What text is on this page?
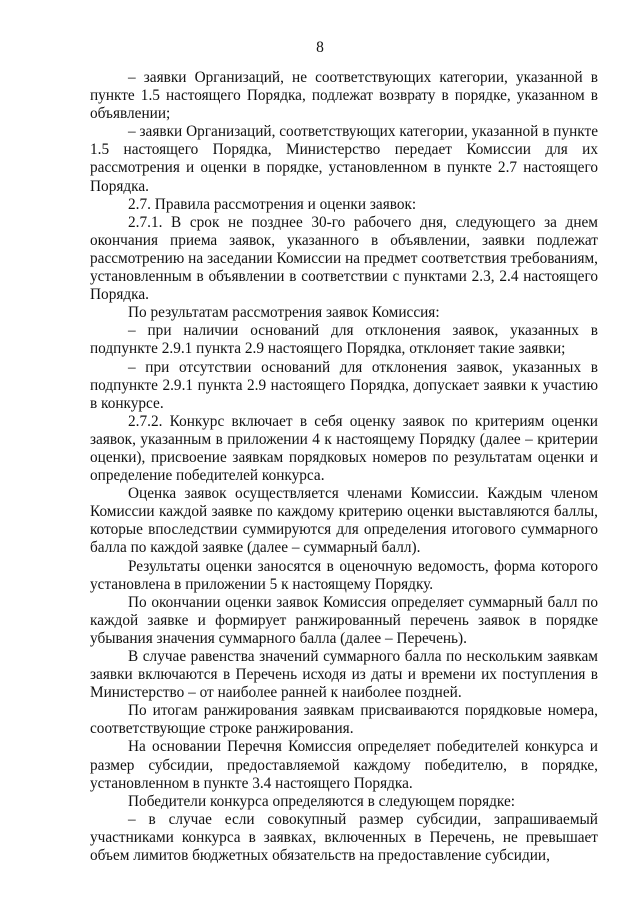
8

– заявки Организаций, не соответствующих категории, указанной в пункте 1.5 настоящего Порядка, подлежат возврату в порядке, указанном в объявлении;

– заявки Организаций, соответствующих категории, указанной в пункте 1.5 настоящего Порядка, Министерство передает Комиссии для их рассмотрения и оценки в порядке, установленном в пункте 2.7 настоящего Порядка.

2.7. Правила рассмотрения и оценки заявок:

2.7.1. В срок не позднее 30-го рабочего дня, следующего за днем окончания приема заявок, указанного в объявлении, заявки подлежат рассмотрению на заседании Комиссии на предмет соответствия требованиям, установленным в объявлении в соответствии с пунктами 2.3, 2.4 настоящего Порядка.

По результатам рассмотрения заявок Комиссия:

– при наличии оснований для отклонения заявок, указанных в подпункте 2.9.1 пункта 2.9 настоящего Порядка, отклоняет такие заявки;

– при отсутствии оснований для отклонения заявок, указанных в подпункте 2.9.1 пункта 2.9 настоящего Порядка, допускает заявки к участию в конкурсе.

2.7.2. Конкурс включает в себя оценку заявок по критериям оценки заявок, указанным в приложении 4 к настоящему Порядку (далее – критерии оценки), присвоение заявкам порядковых номеров по результатам оценки и определение победителей конкурса.

Оценка заявок осуществляется членами Комиссии. Каждым членом Комиссии каждой заявке по каждому критерию оценки выставляются баллы, которые впоследствии суммируются для определения итогового суммарного балла по каждой заявке (далее – суммарный балл).

Результаты оценки заносятся в оценочную ведомость, форма которого установлена в приложении 5 к настоящему Порядку.

По окончании оценки заявок Комиссия определяет суммарный балл по каждой заявке и формирует ранжированный перечень заявок в порядке убывания значения суммарного балла (далее – Перечень).

В случае равенства значений суммарного балла по нескольким заявкам заявки включаются в Перечень исходя из даты и времени их поступления в Министерство – от наиболее ранней к наиболее поздней.

По итогам ранжирования заявкам присваиваются порядковые номера, соответствующие строке ранжирования.

На основании Перечня Комиссия определяет победителей конкурса и размер субсидии, предоставляемой каждому победителю, в порядке, установленном в пункте 3.4 настоящего Порядка.

Победители конкурса определяются в следующем порядке:

– в случае если совокупный размер субсидии, запрашиваемый участниками конкурса в заявках, включенных в Перечень, не превышает объем лимитов бюджетных обязательств на предоставление субсидии,
